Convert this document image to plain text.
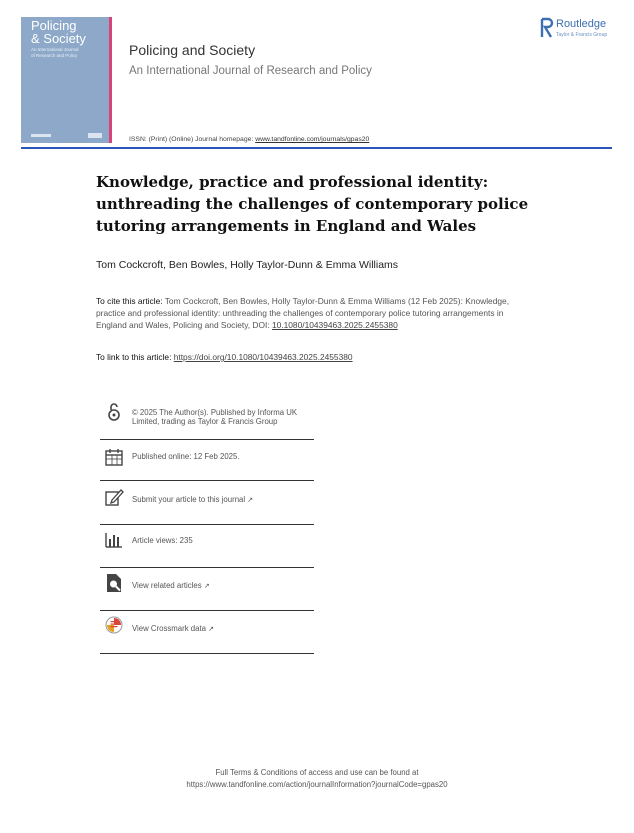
Policing
& Society
An International Journal of Research and Policy	Policing and Society
An International Journal of Research and Policy
Routledge
Taylor & Francis Group
ISSN: (Print) (Online) Journal homepage: www.tandfonline.com/journals/gpas20
Knowledge, practice and professional identity: unthreading the challenges of contemporary police tutoring arrangements in England and Wales
Tom Cockcroft, Ben Bowles, Holly Taylor-Dunn & Emma Williams
To cite this article: Tom Cockcroft, Ben Bowles, Holly Taylor-Dunn & Emma Williams (12 Feb 2025): Knowledge, practice and professional identity: unthreading the challenges of contemporary police tutoring arrangements in England and Wales, Policing and Society, DOI: 10.1080/10439463.2025.2455380
To link to this article: https://doi.org/10.1080/10439463.2025.2455380
© 2025 The Author(s). Published by Informa UK Limited, trading as Taylor & Francis Group
Published online: 12 Feb 2025.
Submit your article to this journal ↗
Article views: 235
View related articles ↗
View Crossmark data ↗
Full Terms & Conditions of access and use can be found at
https://www.tandfonline.com/action/journalInformation?journalCode=gpas20
